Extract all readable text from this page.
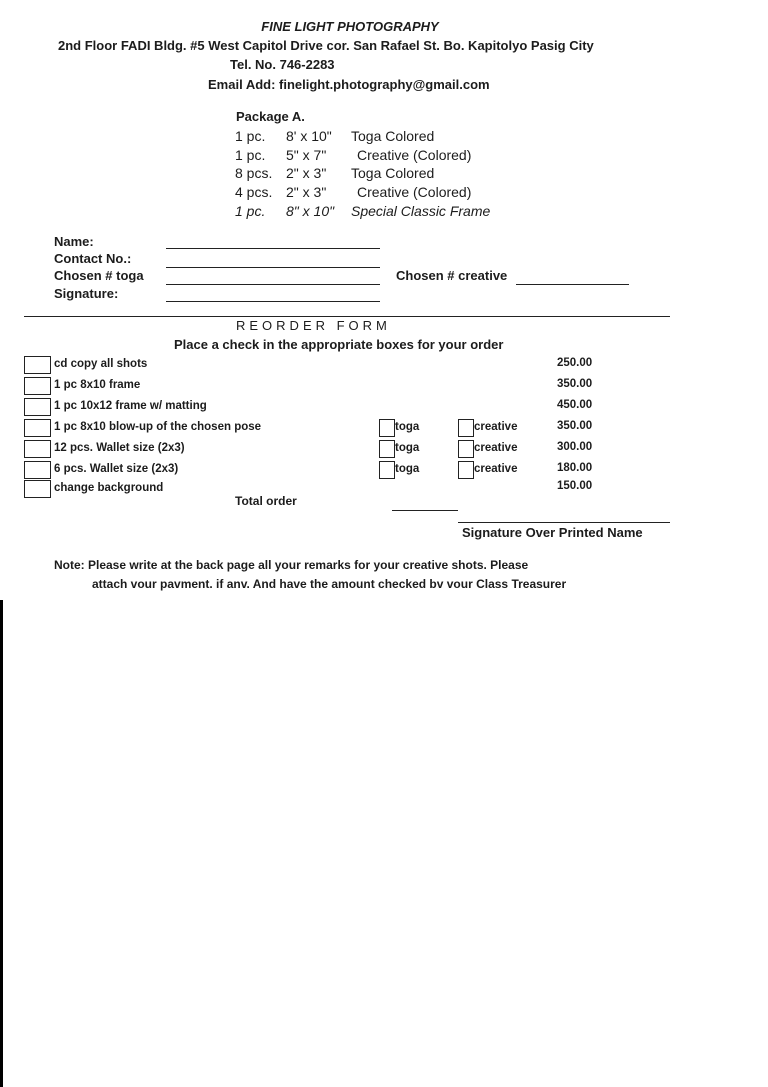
FINE LIGHT PHOTOGRAPHY
2nd Floor FADI Bldg. #5 West Capitol Drive cor. San Rafael St. Bo. Kapitolyo Pasig City
Tel. No. 746-2283
Email Add: finelight.photography@gmail.com
Package A.
1 pc. 8' x 10" Toga Colored
1 pc. 5" x 7" Creative (Colored)
8 pcs. 2" x 3" Toga Colored
4 pcs. 2" x 3" Creative (Colored)
1 pc. 8" x 10" Special Classic Frame
Name:
Contact No.:
Chosen # toga
Signature:
Chosen # creative
REORDER FORM
Place a check in the appropriate boxes for your order
cd copy all shots	250.00
1 pc 8x10 frame	350.00
1 pc 10x12 frame w/ matting	450.00
1 pc 8x10 blow-up of the chosen pose	toga	creative	350.00
12 pcs. Wallet size (2x3)	toga	creative	300.00
6 pcs. Wallet size (2x3)	toga	creative	180.00
change background	150.00
Total order
Signature Over Printed Name
Note: Please write at the back page all your remarks for your creative shots. Please
attach vour pavment. if anv. And have the amount checked bv vour Class Treasurer
